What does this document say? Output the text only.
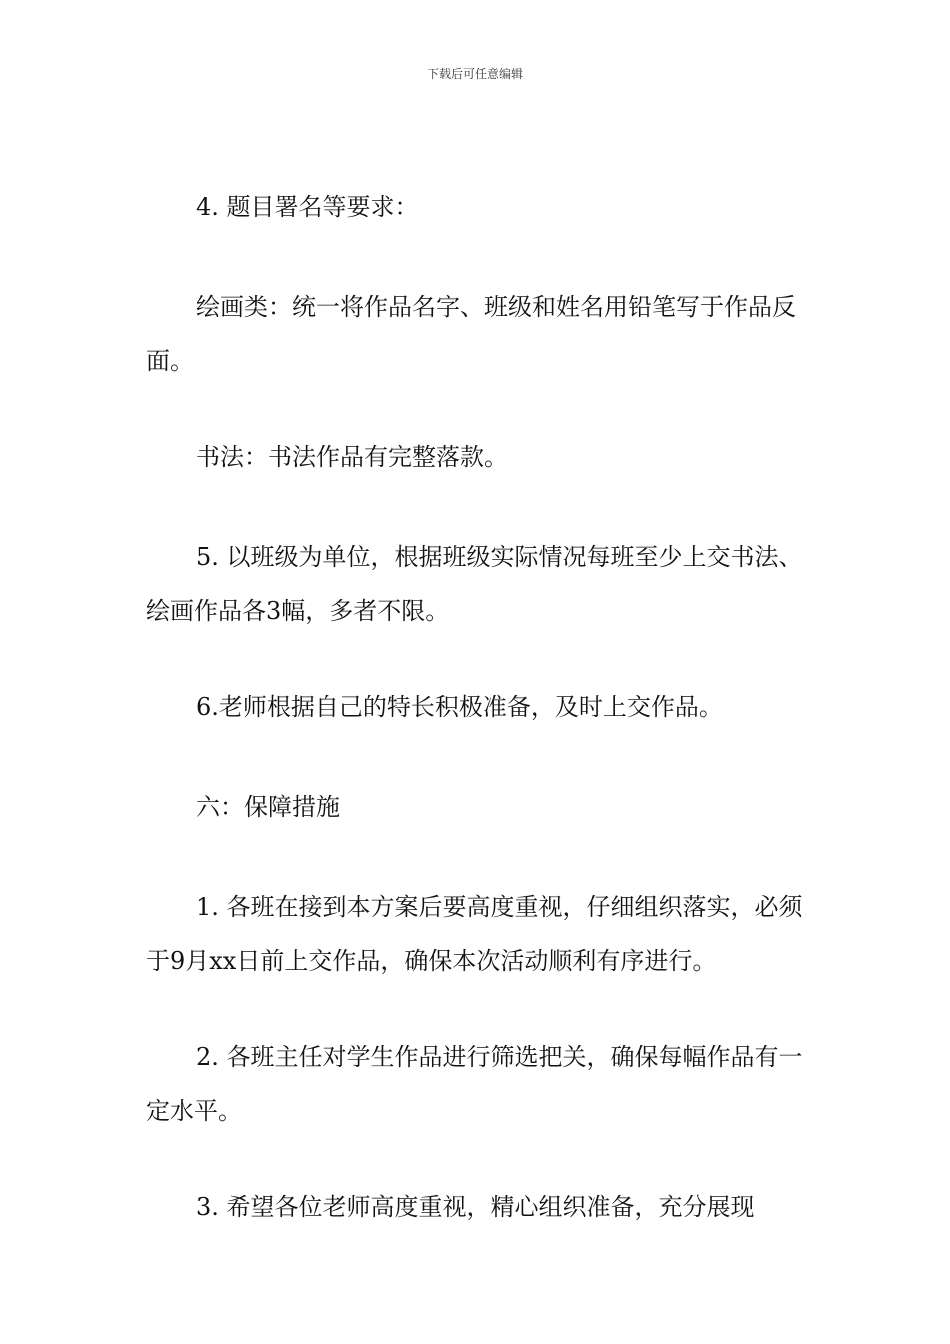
下载后可任意编辑

4. 题目署名等要求：

绘画类：统一将作品名字、班级和姓名用铅笔写于作品反面。

书法：书法作品有完整落款。

5. 以班级为单位，根据班级实际情况每班至少上交书法、绘画作品各3幅，多者不限。

6.老师根据自己的特长积极准备，及时上交作品。

六：保障措施

1. 各班在接到本方案后要高度重视，仔细组织落实，必须于9月xx日前上交作品，确保本次活动顺利有序进行。

2. 各班主任对学生作品进行筛选把关，确保每幅作品有一定水平。

3. 希望各位老师高度重视，精心组织准备，充分展现
